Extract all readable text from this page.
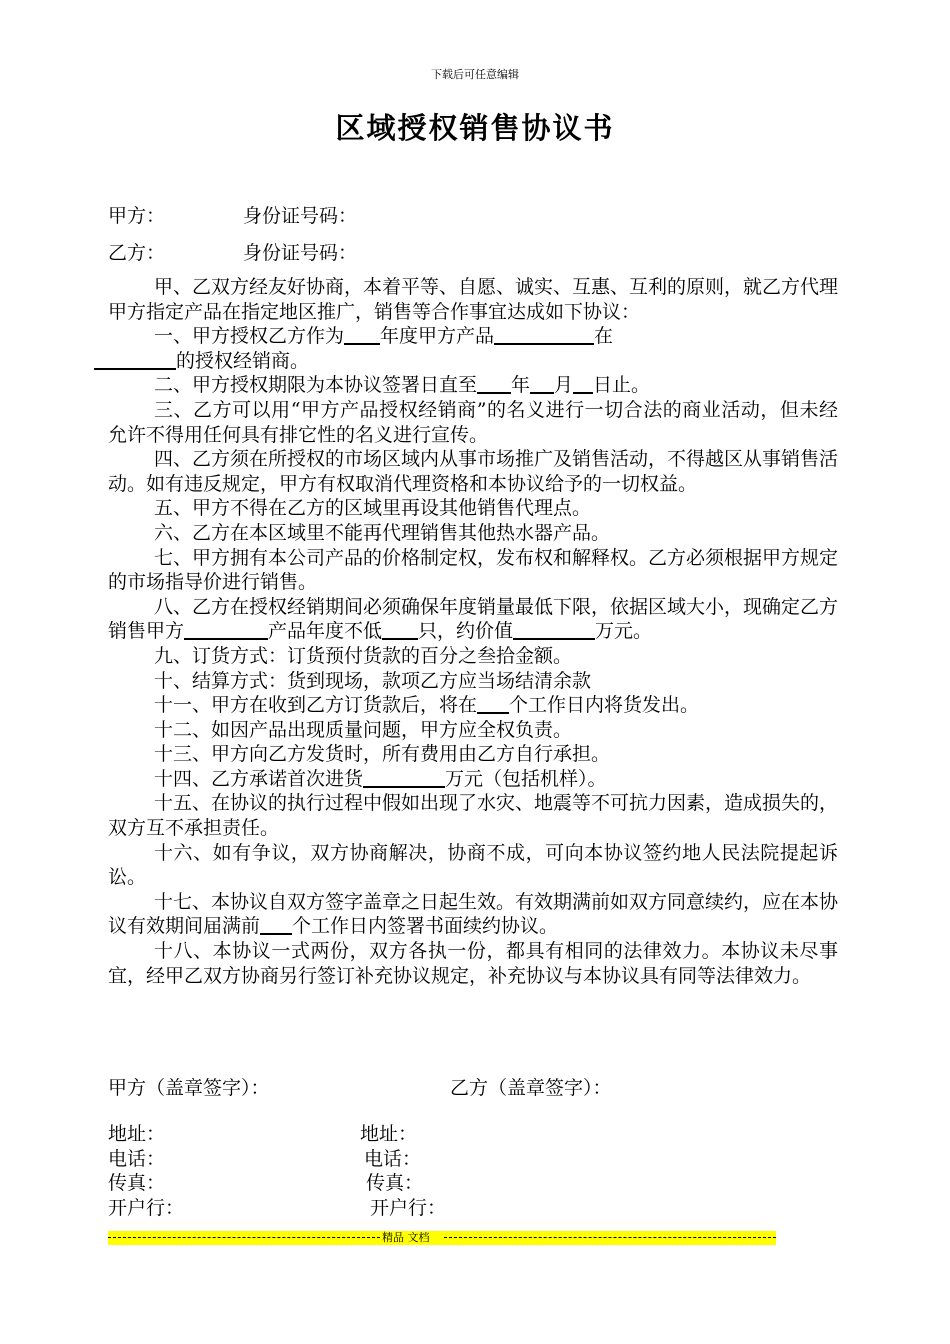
下载后可任意编辑
区域授权销售协议书
甲方：	身份证号码：
乙方：	身份证号码：

甲、乙双方经友好协商，本着平等、自愿、诚实、互惠、互利的原则，就乙方代理甲方指定产品在指定地区推广，销售等合作事宜达成如下协议：

一、甲方授权乙方作为 年度甲方产品	在
的授权经销商。

二、甲方授权期限为本协议签署日直至 年 月 日止。

三、乙方可以用“甲方产品授权经销商”的名义进行一切合法的商业活动，但未经允许不得用任何具有排它性的名义进行宣传。

四、乙方须在所授权的市场区域内从事市场推广及销售活动，不得越区从事销售活动。如有违反规定，甲方有权取消代理资格和本协议给予的一切权益。

五、甲方不得在乙方的区域里再设其他销售代理点。

六、乙方在本区域里不能再代理销售其他热水器产品。

七、甲方拥有本公司产品的价格制定权，发布权和解释权。乙方必须根据甲方规定的市场指导价进行销售。

八、乙方在授权经销期间必须确保年度销量最低下限，依据区域大小，现确定乙方销售甲方	产品年度不低 只，约价值	万元。

九、订货方式：订货预付货款的百分之叁拾金额。

十、结算方式：货到现场，款项乙方应当场结清余款

十一、甲方在收到乙方订货款后，将在 个工作日内将货发出。

十二、如因产品出现质量问题，甲方应全权负责。

十三、甲方向乙方发货时，所有费用由乙方自行承担。

十四、乙方承诺首次进货	万元（包括机样）。

十五、在协议的执行过程中假如出现了水灾、地震等不可抗力因素，造成损失的，双方互不承担责任。

十六、如有争议，双方协商解决，协商不成，可向本协议签约地人民法院提起诉讼。

十七、本协议自双方签字盖章之日起生效。有效期满前如双方同意续约，应在本协议有效期间届满前 个工作日内签署书面续约协议。

十八、本协议一式两份，双方各执一份，都具有相同的法律效力。本协议未尽事宜，经甲乙双方协商另行签订补充协议规定，补充协议与本协议具有同等法律效力。

甲方（盖章签字）：	乙方（盖章签字）：
地址：	地址：
电话：	电话：
传真：	传真：
开户行：	开户行：
精品 文档
